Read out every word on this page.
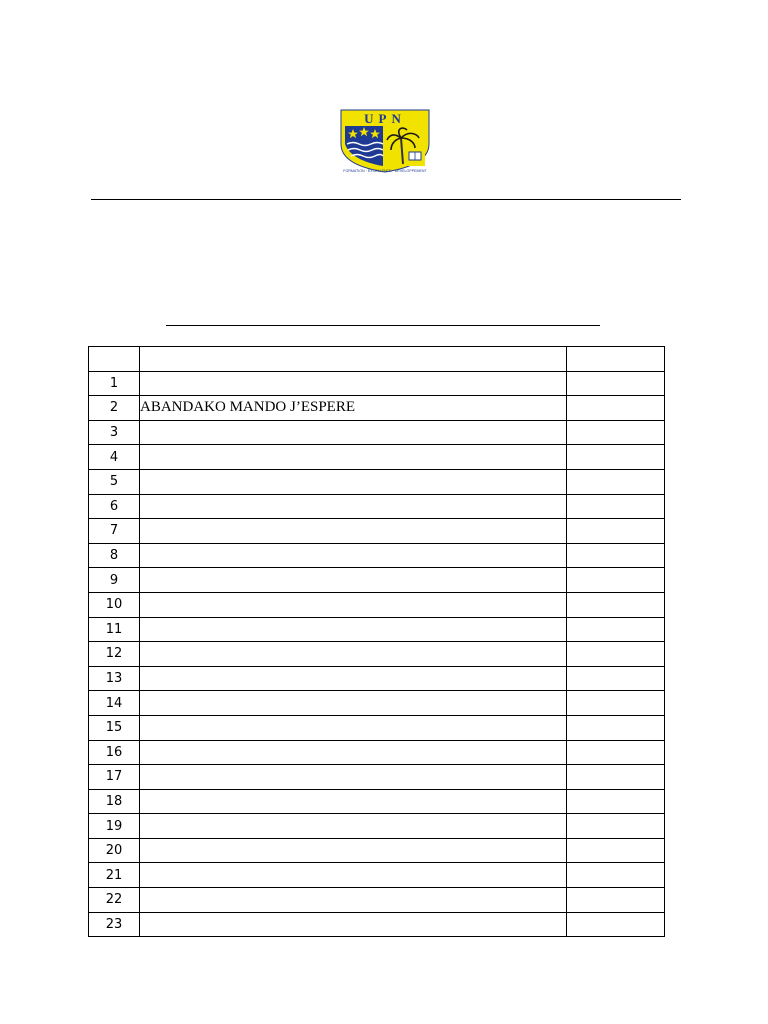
UPN
FORMATION · EXCELLENCE · DEVELOPPEMENT

1		
2	ABANDAKO MANDO J’ESPERE	
3		
4		
5		
6		
7		
8		
9		
10		
11		
12		
13		
14		
15		
16		
17		
18		
19		
20		
21		
22		
23		
